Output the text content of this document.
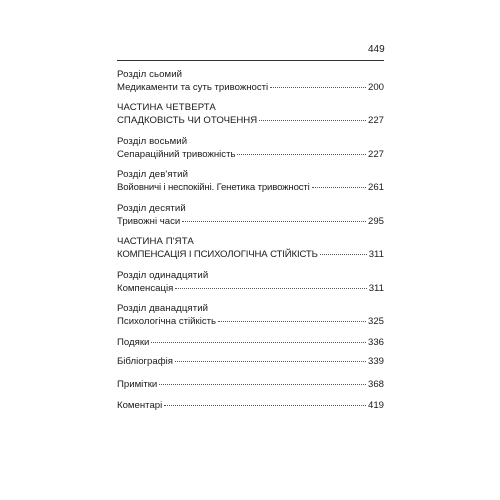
449
Розділ сьомий
Медикаменти та суть тривожності	200
ЧАСТИНА ЧЕТВЕРТА
СПАДКОВІСТЬ ЧИ ОТОЧЕННЯ	227
Розділ восьмий
Сепараційний тривожність	227
Розділ дев'ятий
Войовничі і неспокійні. Генетика тривожності	261
Розділ десятий
Тривожні часи	295
ЧАСТИНА П'ЯТА
КОМПЕНСАЦІЯ І ПСИХОЛОГІЧНА СТІЙКІСТЬ	311
Розділ одинадцятий
Компенсація	311
Розділ дванадцятий
Психологічна стійкість	325
Подяки	336
Бібліографія	339
Примітки	368
Коментарі	419
